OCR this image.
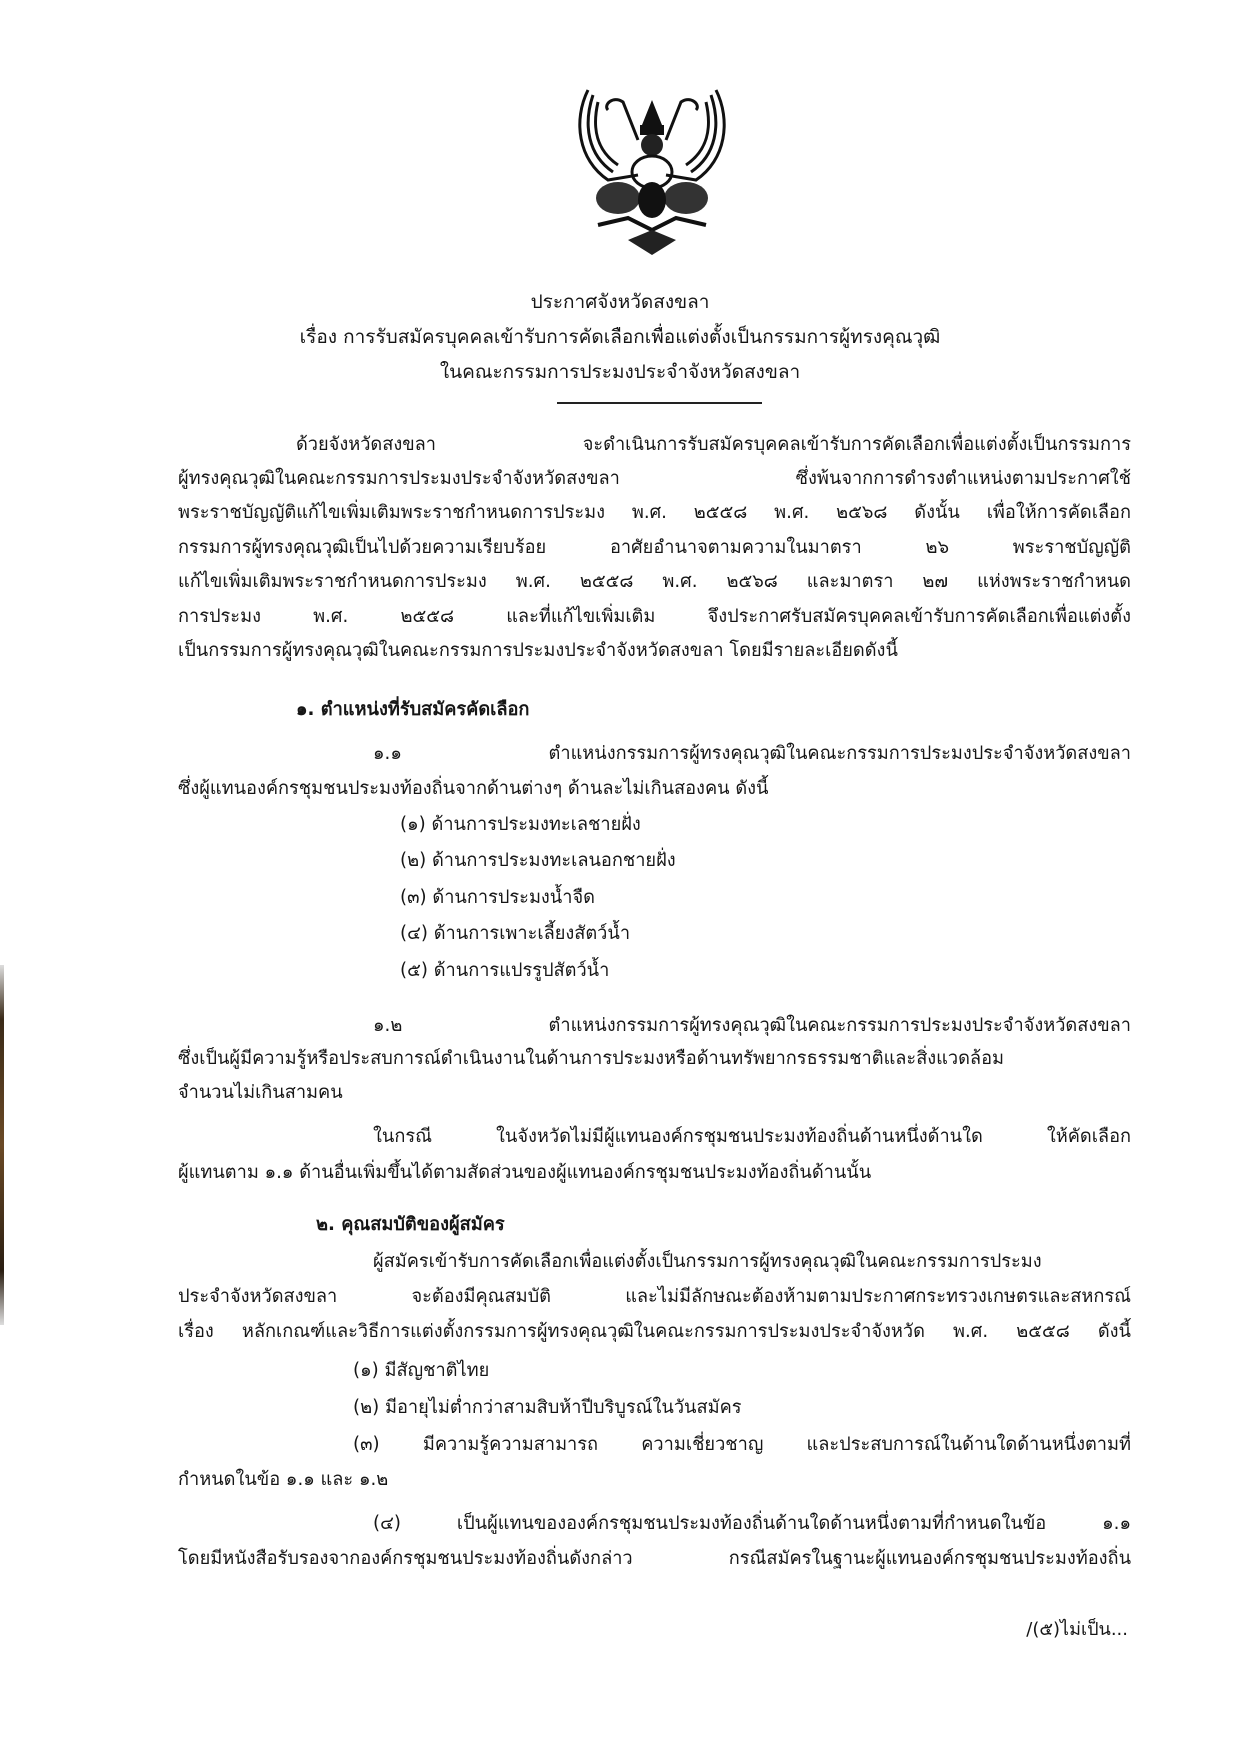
ประกาศจังหวัดสงขลา
เรื่อง การรับสมัครบุคคลเข้ารับการคัดเลือกเพื่อแต่งตั้งเป็นกรรมการผู้ทรงคุณวุฒิ
ในคณะกรรมการประมงประจำจังหวัดสงขลา
ด้วยจังหวัดสงขลา จะดำเนินการรับสมัครบุคคลเข้ารับการคัดเลือกเพื่อแต่งตั้งเป็นกรรมการ
ผู้ทรงคุณวุฒิในคณะกรรมการประมงประจำจังหวัดสงขลา ซึ่งพ้นจากการดำรงตำแหน่งตามประกาศใช้
พระราชบัญญัติแก้ไขเพิ่มเติมพระราชกำหนดการประมง พ.ศ. ๒๕๕๘ พ.ศ. ๒๕๖๘ ดังนั้น เพื่อให้การคัดเลือก
กรรมการผู้ทรงคุณวุฒิเป็นไปด้วยความเรียบร้อย อาศัยอำนาจตามความในมาตรา ๒๖ พระราชบัญญัติ
แก้ไขเพิ่มเติมพระราชกำหนดการประมง พ.ศ. ๒๕๕๘ พ.ศ. ๒๕๖๘ และมาตรา ๒๗ แห่งพระราชกำหนด
การประมง พ.ศ. ๒๕๕๘ และที่แก้ไขเพิ่มเติม จึงประกาศรับสมัครบุคคลเข้ารับการคัดเลือกเพื่อแต่งตั้ง
เป็นกรรมการผู้ทรงคุณวุฒิในคณะกรรมการประมงประจำจังหวัดสงขลา โดยมีรายละเอียดดังนี้
๑. ตำแหน่งที่รับสมัครคัดเลือก
๑.๑ ตำแหน่งกรรมการผู้ทรงคุณวุฒิในคณะกรรมการประมงประจำจังหวัดสงขลา
ซึ่งผู้แทนองค์กรชุมชนประมงท้องถิ่นจากด้านต่างๆ ด้านละไม่เกินสองคน ดังนี้
(๑) ด้านการประมงทะเลชายฝั่ง
(๒) ด้านการประมงทะเลนอกชายฝั่ง
(๓) ด้านการประมงน้ำจืด
(๔) ด้านการเพาะเลี้ยงสัตว์น้ำ
(๕) ด้านการแปรรูปสัตว์น้ำ
๑.๒ ตำแหน่งกรรมการผู้ทรงคุณวุฒิในคณะกรรมการประมงประจำจังหวัดสงขลา
ซึ่งเป็นผู้มีความรู้หรือประสบการณ์ดำเนินงานในด้านการประมงหรือด้านทรัพยากรธรรมชาติและสิ่งแวดล้อม
จำนวนไม่เกินสามคน
ในกรณี ในจังหวัดไม่มีผู้แทนองค์กรชุมชนประมงท้องถิ่นด้านหนึ่งด้านใด ให้คัดเลือก
ผู้แทนตาม ๑.๑ ด้านอื่นเพิ่มขึ้นได้ตามสัดส่วนของผู้แทนองค์กรชุมชนประมงท้องถิ่นด้านนั้น
๒. คุณสมบัติของผู้สมัคร
ผู้สมัครเข้ารับการคัดเลือกเพื่อแต่งตั้งเป็นกรรมการผู้ทรงคุณวุฒิในคณะกรรมการประมง
ประจำจังหวัดสงขลา จะต้องมีคุณสมบัติ และไม่มีลักษณะต้องห้ามตามประกาศกระทรวงเกษตรและสหกรณ์
เรื่อง หลักเกณฑ์และวิธีการแต่งตั้งกรรมการผู้ทรงคุณวุฒิในคณะกรรมการประมงประจำจังหวัด พ.ศ. ๒๕๕๘ ดังนี้
(๑) มีสัญชาติไทย
(๒) มีอายุไม่ต่ำกว่าสามสิบห้าปีบริบูรณ์ในวันสมัคร
(๓) มีความรู้ความสามารถ ความเชี่ยวชาญ และประสบการณ์ในด้านใดด้านหนึ่งตามที่
กำหนดในข้อ ๑.๑ และ ๑.๒
(๔) เป็นผู้แทนขององค์กรชุมชนประมงท้องถิ่นด้านใดด้านหนึ่งตามที่กำหนดในข้อ ๑.๑
โดยมีหนังสือรับรองจากองค์กรชุมชนประมงท้องถิ่นดังกล่าว กรณีสมัครในฐานะผู้แทนองค์กรชุมชนประมงท้องถิ่น
/(๕)ไม่เป็น...
